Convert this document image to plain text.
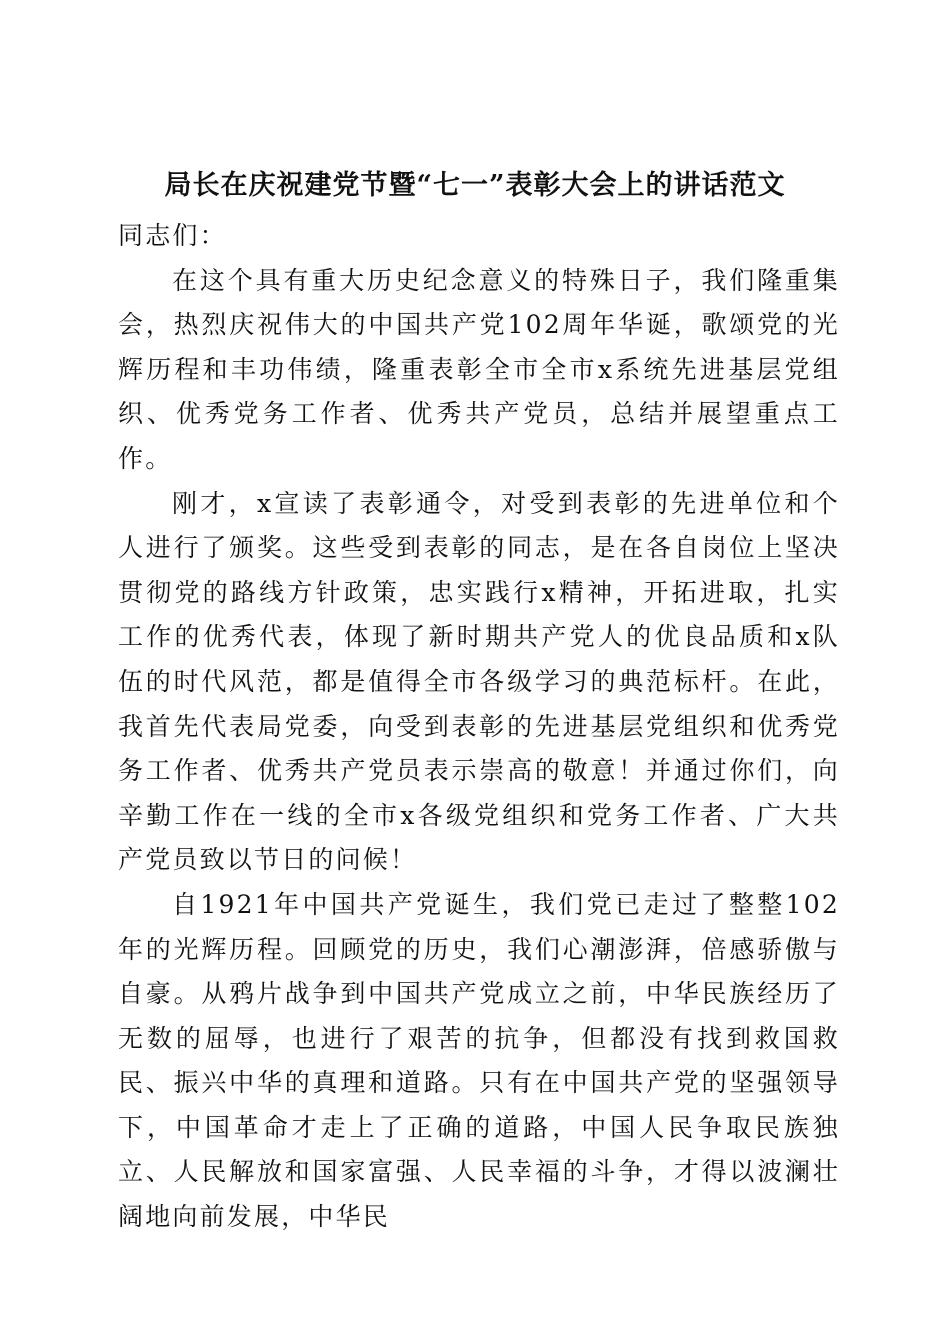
局长在庆祝建党节暨“七一”表彰大会上的讲话范文

同志们：

在这个具有重大历史纪念意义的特殊日子，我们隆重集会，热烈庆祝伟大的中国共产党102周年华诞，歌颂党的光辉历程和丰功伟绩，隆重表彰全市全市x系统先进基层党组织、优秀党务工作者、优秀共产党员，总结并展望重点工作。

刚才，x宣读了表彰通令，对受到表彰的先进单位和个人进行了颁奖。这些受到表彰的同志，是在各自岗位上坚决贯彻党的路线方针政策，忠实践行x精神，开拓进取，扎实工作的优秀代表，体现了新时期共产党人的优良品质和x队伍的时代风范，都是值得全市各级学习的典范标杆。在此，我首先代表局党委，向受到表彰的先进基层党组织和优秀党务工作者、优秀共产党员表示崇高的敬意！并通过你们，向辛勤工作在一线的全市x各级党组织和党务工作者、广大共产党员致以节日的问候！

自1921年中国共产党诞生，我们党已走过了整整102年的光辉历程。回顾党的历史，我们心潮澎湃，倍感骄傲与自豪。从鸦片战争到中国共产党成立之前，中华民族经历了无数的屈辱，也进行了艰苦的抗争，但都没有找到救国救民、振兴中华的真理和道路。只有在中国共产党的坚强领导下，中国革命才走上了正确的道路，中国人民争取民族独立、人民解放和国家富强、人民幸福的斗争，才得以波澜壮阔地向前发展，中华民
